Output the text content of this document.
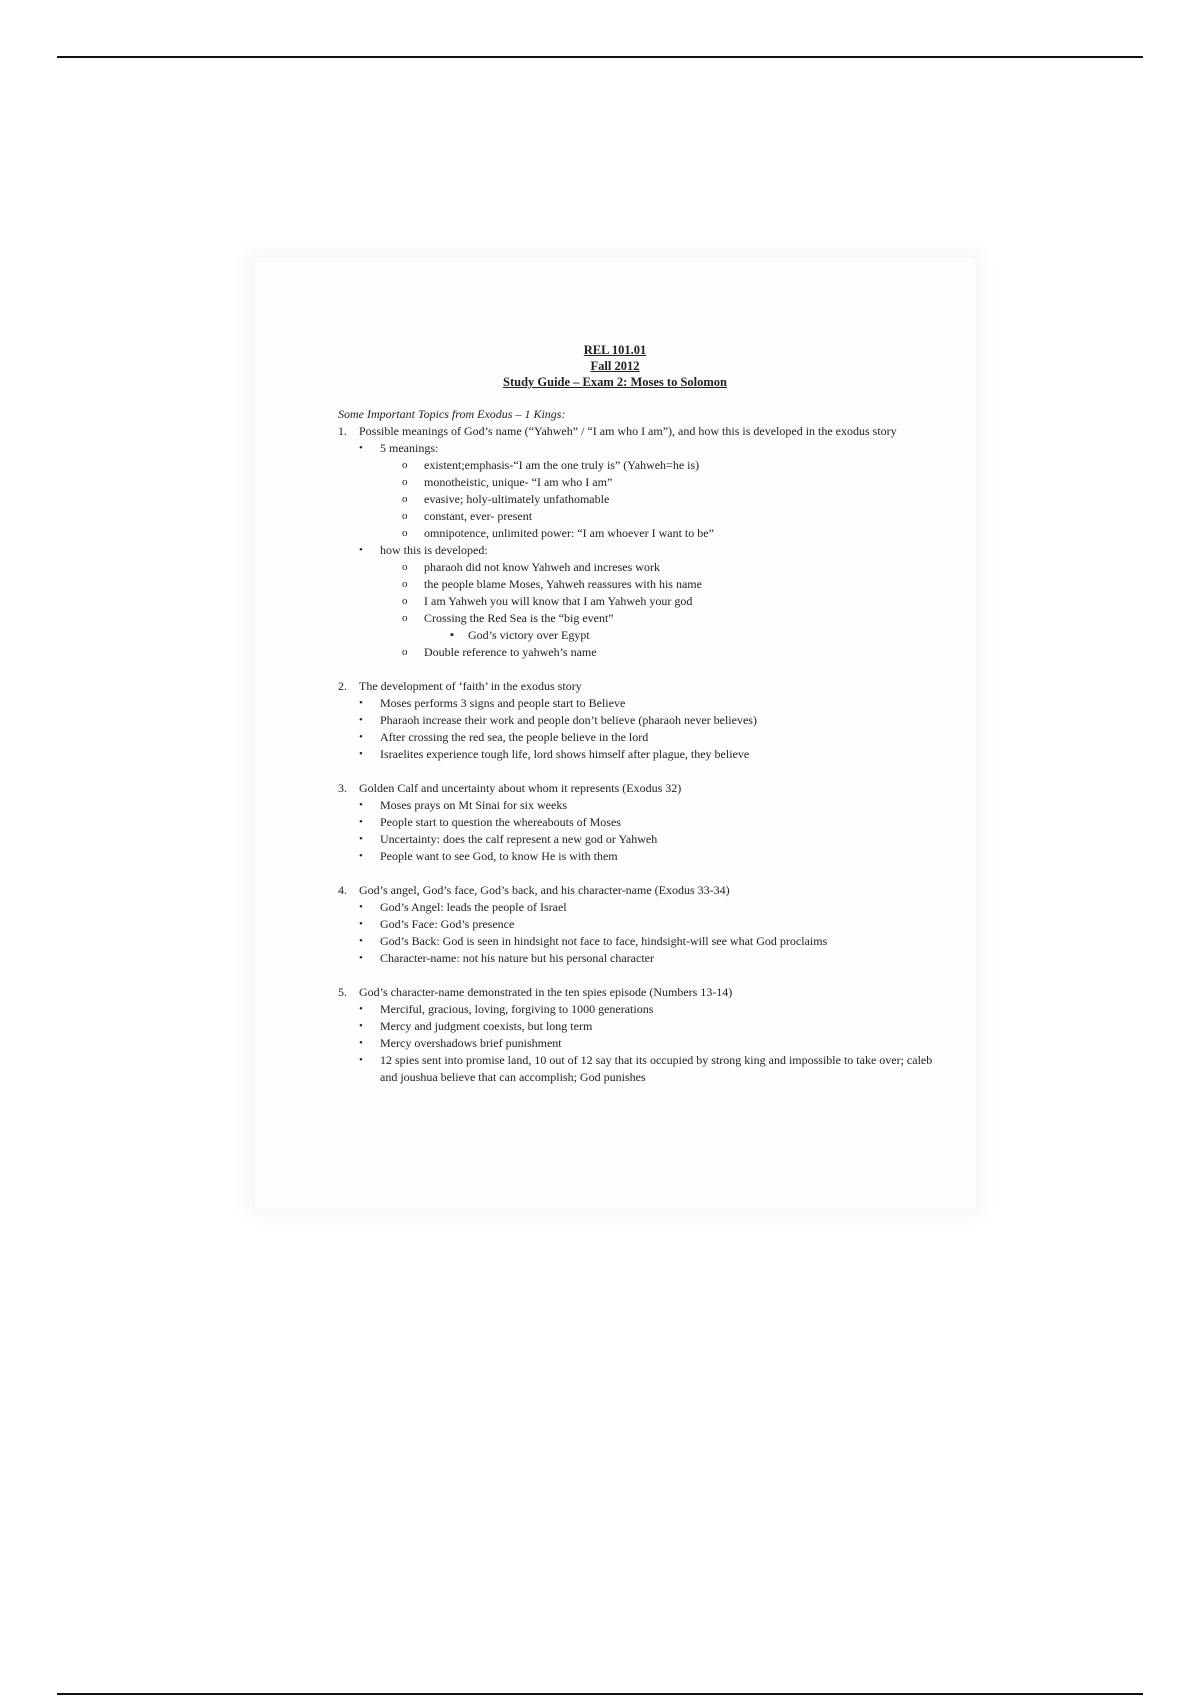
REL 101.01
Fall 2012
Study Guide – Exam 2: Moses to Solomon
Some Important Topics from Exodus – 1 Kings:
1. Possible meanings of God’s name (“Yahweh” / “I am who I am”), and how this is developed in the exodus story
• 5 meanings:
o existent;emphasis-“I am the one truly is” (Yahweh=he is)
o monotheistic, unique- “I am who I am”
o evasive; holy-ultimately unfathomable
o constant, ever- present
o omnipotence, unlimited power: “I am whoever I want to be”
• how this is developed:
o pharaoh did not know Yahweh and increses work
o the people blame Moses, Yahweh reassures with his name
o I am Yahweh you will know that I am Yahweh your god
o Crossing the Red Sea is the “big event”
▪ God’s victory over Egypt
o Double reference to yahweh’s name
2. The development of ‘faith’ in the exodus story
• Moses performs 3 signs and people start to Believe
• Pharaoh increase their work and people don’t believe (pharaoh never believes)
• After crossing the red sea, the people believe in the lord
• Israelites experience tough life, lord shows himself after plague, they believe
3. Golden Calf and uncertainty about whom it represents (Exodus 32)
• Moses prays on Mt Sinai for six weeks
• People start to question the whereabouts of Moses
• Uncertainty: does the calf represent a new god or Yahweh
• People want to see God, to know He is with them
4. God’s angel, God’s face, God’s back, and his character-name (Exodus 33-34)
• God’s Angel: leads the people of Israel
• God’s Face: God’s presence
• God’s Back: God is seen in hindsight not face to face, hindsight-will see what God proclaims
• Character-name: not his nature but his personal character
5. God’s character-name demonstrated in the ten spies episode (Numbers 13-14)
• Merciful, gracious, loving, forgiving to 1000 generations
• Mercy and judgment coexists, but long term
• Mercy overshadows brief punishment
• 12 spies sent into promise land, 10 out of 12 say that its occupied by strong king and impossible to take over; caleb and joushua believe that can accomplish; God punishes
